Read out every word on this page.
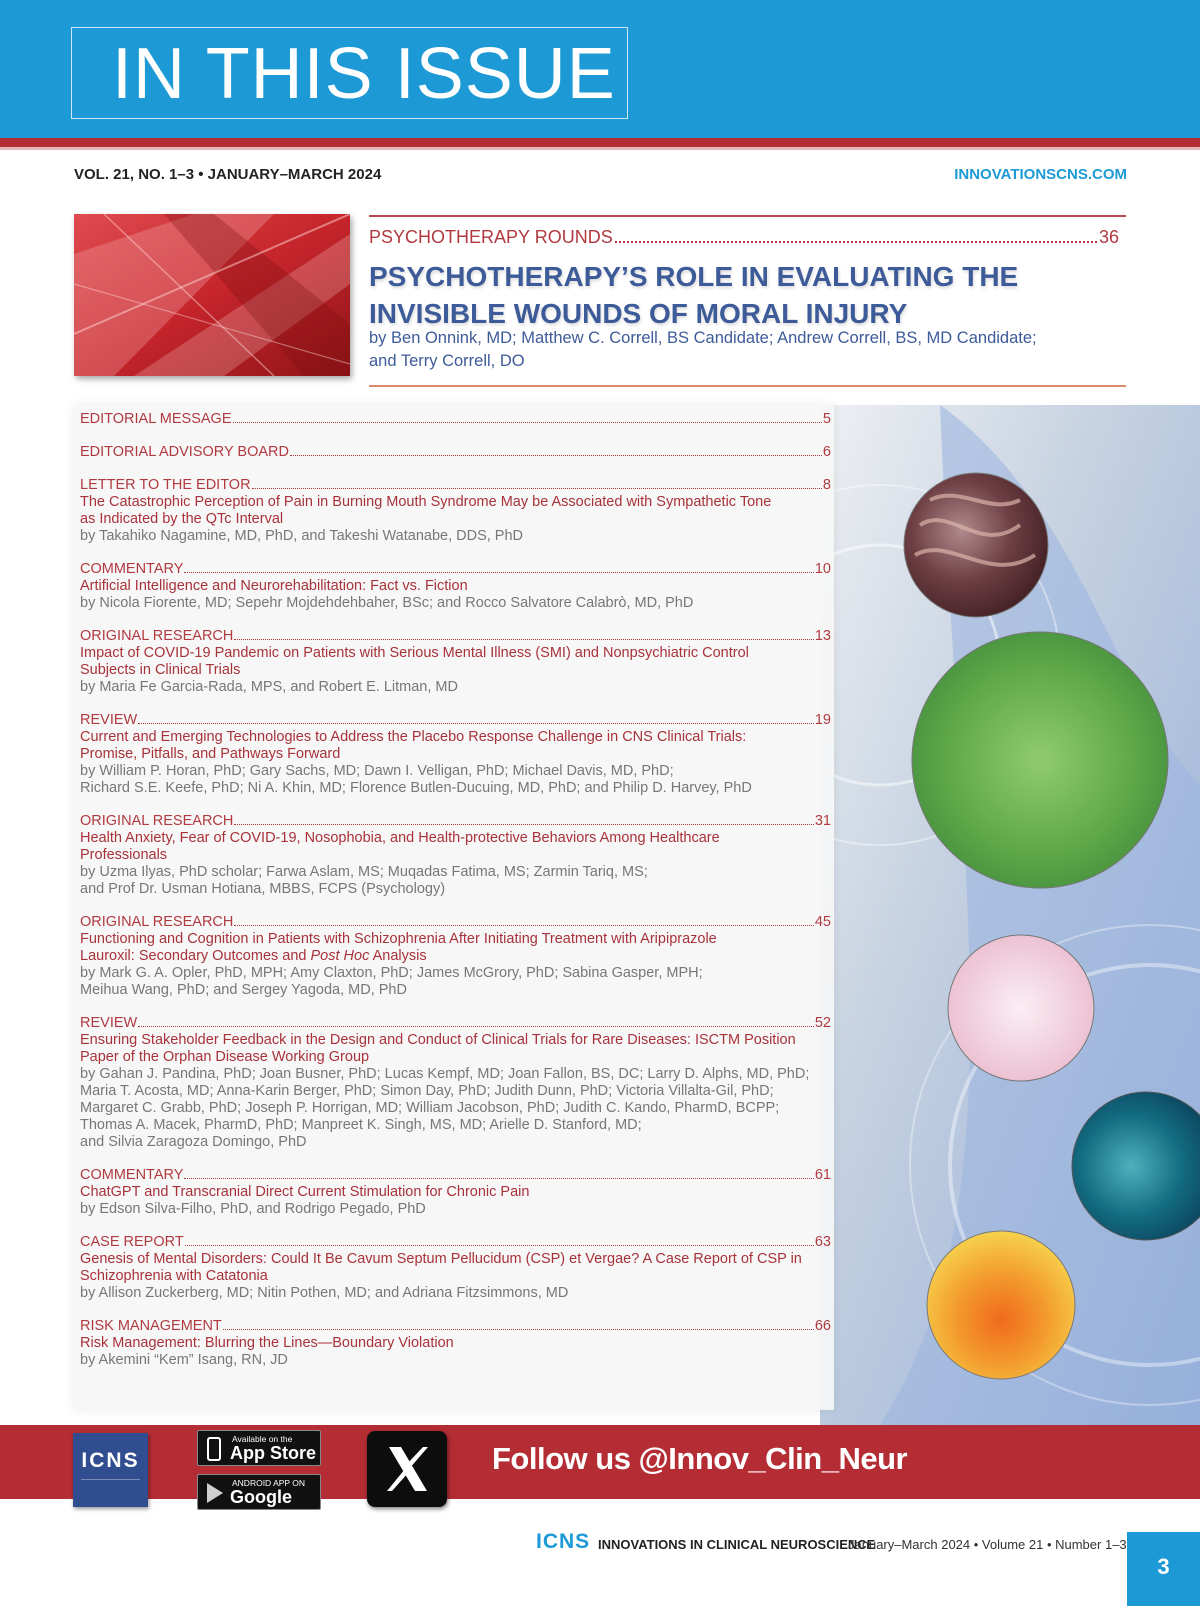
IN THIS ISSUE
VOL. 21, NO. 1–3 • JANUARY–MARCH 2024	INNOVATIONSCNS.COM
PSYCHOTHERAPY ROUNDS	36
PSYCHOTHERAPY’S ROLE IN EVALUATING THE
INVISIBLE WOUNDS OF MORAL INJURY
by Ben Onnink, MD; Matthew C. Correll, BS Candidate; Andrew Correll, BS, MD Candidate;
and Terry Correll, DO
EDITORIAL MESSAGE	5
EDITORIAL ADVISORY BOARD	6
LETTER TO THE EDITOR	8
The Catastrophic Perception of Pain in Burning Mouth Syndrome May be Associated with Sympathetic Tone
as Indicated by the QTc Interval
by Takahiko Nagamine, MD, PhD, and Takeshi Watanabe, DDS, PhD
COMMENTARY	10
Artificial Intelligence and Neurorehabilitation: Fact vs. Fiction
by Nicola Fiorente, MD; Sepehr Mojdehdehbaher, BSc; and Rocco Salvatore Calabrò, MD, PhD
ORIGINAL RESEARCH	13
Impact of COVID-19 Pandemic on Patients with Serious Mental Illness (SMI) and Nonpsychiatric Control
Subjects in Clinical Trials
by Maria Fe Garcia-Rada, MPS, and Robert E. Litman, MD
REVIEW	19
Current and Emerging Technologies to Address the Placebo Response Challenge in CNS Clinical Trials:
Promise, Pitfalls, and Pathways Forward
by William P. Horan, PhD; Gary Sachs, MD; Dawn I. Velligan, PhD; Michael Davis, MD, PhD;
Richard S.E. Keefe, PhD; Ni A. Khin, MD; Florence Butlen-Ducuing, MD, PhD; and Philip D. Harvey, PhD
ORIGINAL RESEARCH	31
Health Anxiety, Fear of COVID-19, Nosophobia, and Health-protective Behaviors Among Healthcare
Professionals
by Uzma Ilyas, PhD scholar; Farwa Aslam, MS; Muqadas Fatima, MS; Zarmin Tariq, MS;
and Prof Dr. Usman Hotiana, MBBS, FCPS (Psychology)
ORIGINAL RESEARCH	45
Functioning and Cognition in Patients with Schizophrenia After Initiating Treatment with Aripiprazole
Lauroxil: Secondary Outcomes and Post Hoc Analysis
by Mark G. A. Opler, PhD, MPH; Amy Claxton, PhD; James McGrory, PhD; Sabina Gasper, MPH;
Meihua Wang, PhD; and Sergey Yagoda, MD, PhD
REVIEW	52
Ensuring Stakeholder Feedback in the Design and Conduct of Clinical Trials for Rare Diseases: ISCTM Position
Paper of the Orphan Disease Working Group
by Gahan J. Pandina, PhD; Joan Busner, PhD; Lucas Kempf, MD; Joan Fallon, BS, DC; Larry D. Alphs, MD, PhD;
Maria T. Acosta, MD; Anna-Karin Berger, PhD; Simon Day, PhD; Judith Dunn, PhD; Victoria Villalta-Gil, PhD;
Margaret C. Grabb, PhD; Joseph P. Horrigan, MD; William Jacobson, PhD; Judith C. Kando, PharmD, BCPP;
Thomas A. Macek, PharmD, PhD; Manpreet K. Singh, MS, MD; Arielle D. Stanford, MD;
and Silvia Zaragoza Domingo, PhD
COMMENTARY	61
ChatGPT and Transcranial Direct Current Stimulation for Chronic Pain
by Edson Silva-Filho, PhD, and Rodrigo Pegado, PhD
CASE REPORT	63
Genesis of Mental Disorders: Could It Be Cavum Septum Pellucidum (CSP) et Vergae? A Case Report of CSP in
Schizophrenia with Catatonia
by Allison Zuckerberg, MD; Nitin Pothen, MD; and Adriana Fitzsimmons, MD
RISK MANAGEMENT	66
Risk Management: Blurring the Lines—Boundary Violation
by Akemini “Kem” Isang, RN, JD
ICNS
Available on the
App Store
ANDROID APP ON
Google play
Follow us @Innov_Clin_Neur
ICNS INNOVATIONS IN CLINICAL NEUROSCIENCE
January–March 2024 • Volume 21 • Number 1–3
3
